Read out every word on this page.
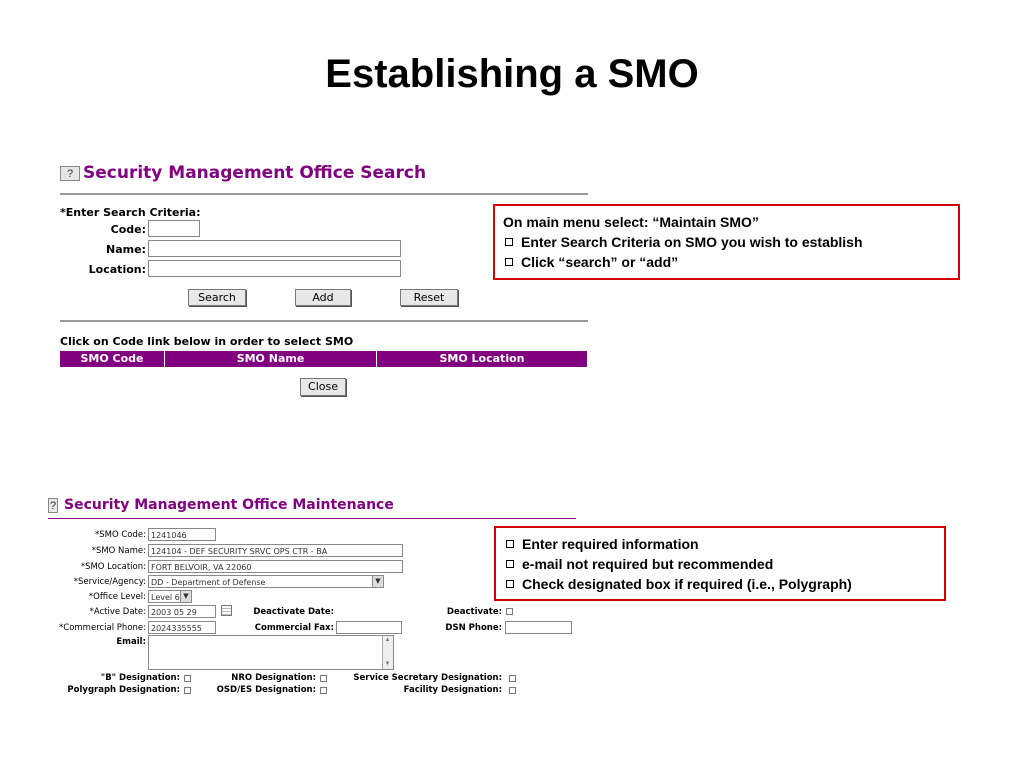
Establishing a SMO
? Security Management Office Search
*Enter Search Criteria:
Code:
Name:
Location:
Search	Add	Reset
Click on Code link below in order to select SMO
SMO Code	SMO Name	SMO Location
Close
On main menu select: “Maintain SMO”
Enter Search Criteria on SMO you wish to establish
Click “search” or “add”
? Security Management Office Maintenance
*SMO Code: 1241046
*SMO Name: 124104 - DEF SECURITY SRVC OPS CTR - BA
*SMO Location: FORT BELVOIR, VA 22060
*Service/Agency: DD - Department of Defense	▼
*Office Level: Level 6 ▼
*Active Date: 2003 05 29	Deactivate Date:	Deactivate:
*Commercial Phone: 2024335555	Commercial Fax:	DSN Phone:
Email:	▲
▼
"B" Designation:	NRO Designation:	Service Secretary Designation:
Polygraph Designation:	OSD/ES Designation:	Facility Designation:
Enter required information
e-mail not required but recommended
Check designated box if required (i.e., Polygraph)
